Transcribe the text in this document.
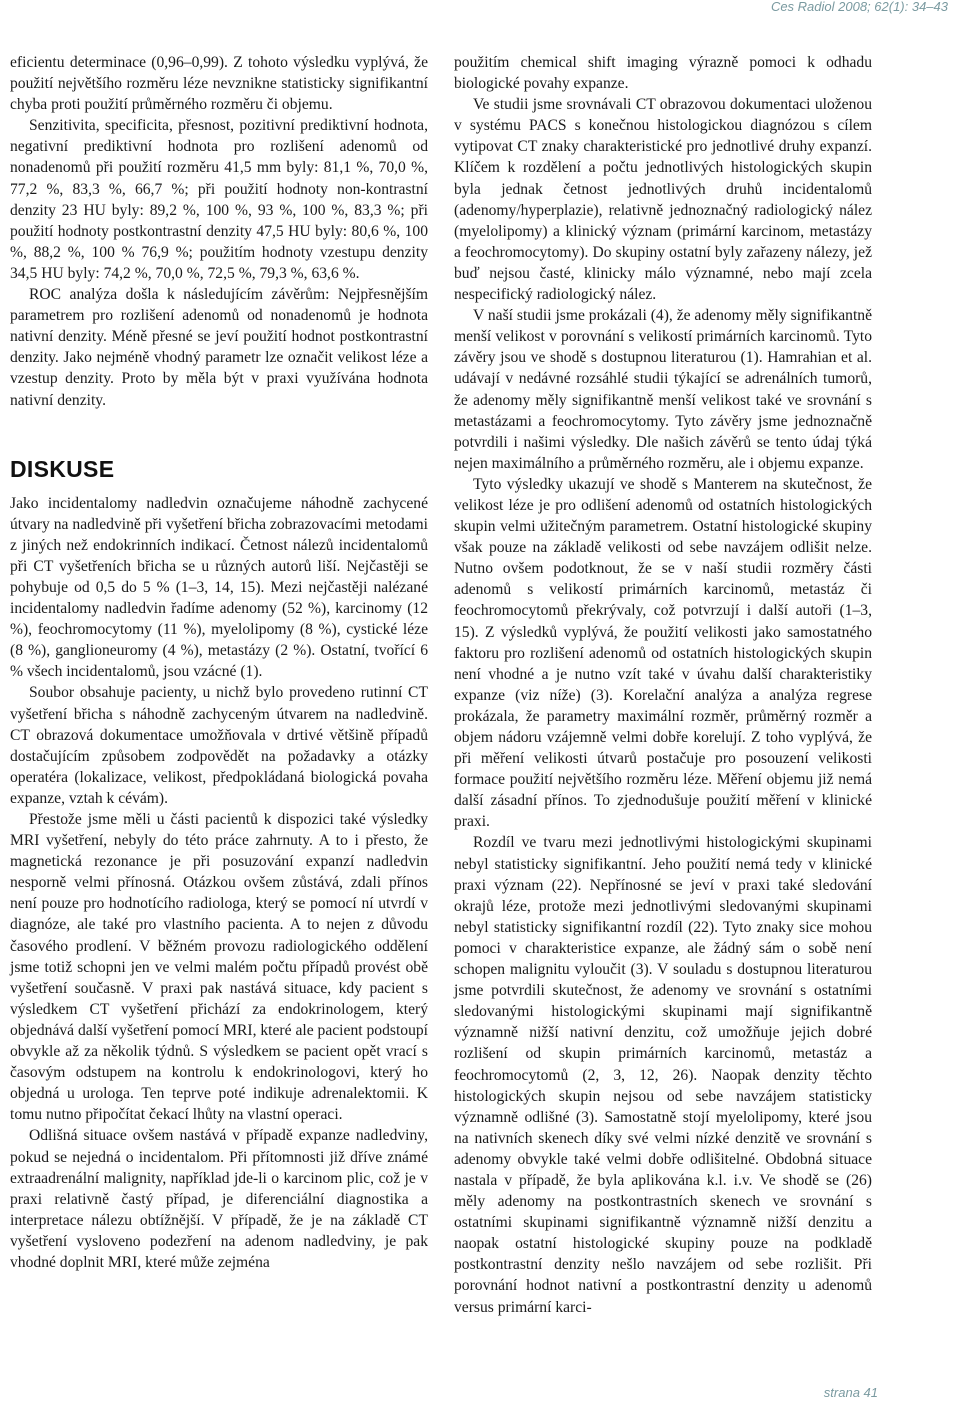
Ces Radiol 2008; 62(1): 34–43

eficientu determinace (0,96–0,99). Z tohoto výsledku vyplývá, že použití největšího rozměru léze nevznikne statisticky signifikantní chyba proti použití průměrného rozměru či objemu.

Senzitivita, specificita, přesnost, pozitivní prediktivní hodnota, negativní prediktivní hodnota pro rozlišení adenomů od nonadenomů při použití rozměru 41,5 mm byly: 81,1 %, 70,0 %, 77,2 %, 83,3 %, 66,7 %; při použití hodnoty non-kontrastní denzity 23 HU byly: 89,2 %, 100 %, 93 %, 100 %, 83,3 %; při použití hodnoty postkontrastní denzity 47,5 HU byly: 80,6 %, 100 %, 88,2 %, 100 % 76,9 %; použitím hodnoty vzestupu denzity 34,5 HU byly: 74,2 %, 70,0 %, 72,5 %, 79,3 %, 63,6 %.

ROC analýza došla k následujícím závěrům: Nejpřesnějším parametrem pro rozlišení adenomů od nonadenomů je hodnota nativní denzity. Méně přesné se jeví použití hodnot postkontrastní denzity. Jako nejméně vhodný parametr lze označit velikost léze a vzestup denzity. Proto by měla být v praxi využívána hodnota nativní denzity.

DISKUSE

Jako incidentalomy nadledvin označujeme náhodně zachycené útvary na nadledvině při vyšetření břicha zobrazovacími metodami z jiných než endokrinních indikací. Četnost nálezů incidentalomů při CT vyšetřeních břicha se u různých autorů liší. Nejčastěji se pohybuje od 0,5 do 5 % (1–3, 14, 15). Mezi nejčastěji nalézané incidentalomy nadledvin řadíme adenomy (52 %), karcinomy (12 %), feochromocytomy (11 %), myelolipomy (8 %), cystické léze (8 %), ganglioneuromy (4 %), metastázy (2 %). Ostatní, tvořící 6 % všech incidentalomů, jsou vzácné (1).

Soubor obsahuje pacienty, u nichž bylo provedeno rutinní CT vyšetření břicha s náhodně zachyceným útvarem na nadledvině. CT obrazová dokumentace umožňovala v drtivé většině případů dostačujícím způsobem zodpovědět na požadavky a otázky operatéra (lokalizace, velikost, předpokládaná biologická povaha expanze, vztah k cévám).

Přestože jsme měli u části pacientů k dispozici také výsledky MRI vyšetření, nebyly do této práce zahrnuty. A to i přesto, že magnetická rezonance je při posuzování expanzí nadledvin nesporně velmi přínosná. Otázkou ovšem zůstává, zdali přínos není pouze pro hodnotícího radiologa, který se pomocí ní utvrdí v diagnóze, ale také pro vlastního pacienta. A to nejen z důvodu časového prodlení. V běžném provozu radiologického oddělení jsme totiž schopni jen ve velmi malém počtu případů provést obě vyšetření současně. V praxi pak nastává situace, kdy pacient s výsledkem CT vyšetření přichází za endokrinologem, který objednává další vyšetření pomocí MRI, které ale pacient podstoupí obvykle až za několik týdnů. S výsledkem se pacient opět vrací s časovým odstupem na kontrolu k endokrinologovi, který ho objedná u urologa. Ten teprve poté indikuje adrenalektomii. K tomu nutno připočítat čekací lhůty na vlastní operaci.

Odlišná situace ovšem nastává v případě expanze nadledviny, pokud se nejedná o incidentalom. Při přítomnosti již dříve známé extraadrenální malignity, například jde-li o karcinom plic, což je v praxi relativně častý případ, je diferenciální diagnostika a interpretace nálezu obtížnější. V případě, že je na základě CT vyšetření vysloveno podezření na adenom nadledviny, je pak vhodné doplnit MRI, které může zejména

použitím chemical shift imaging výrazně pomoci k odhadu biologické povahy expanze.

Ve studii jsme srovnávali CT obrazovou dokumentaci uloženou v systému PACS s konečnou histologickou diagnózou s cílem vytipovat CT znaky charakteristické pro jednotlivé druhy expanzí. Klíčem k rozdělení a počtu jednotlivých histologických skupin byla jednak četnost jednotlivých druhů incidentalomů (adenomy/hyperplazie), relativně jednoznačný radiologický nález (myelolipomy) a klinický význam (primární karcinom, metastázy a feochromocytomy). Do skupiny ostatní byly zařazeny nálezy, jež buď nejsou časté, klinicky málo významné, nebo mají zcela nespecifický radiologický nález.

V naší studii jsme prokázali (4), že adenomy měly signifikantně menší velikost v porovnání s velikostí primárních karcinomů. Tyto závěry jsou ve shodě s dostupnou literaturou (1). Hamrahian et al. udávají v nedávné rozsáhlé studii týkající se adrenálních tumorů, že adenomy měly signifikantně menší velikost také ve srovnání s metastázami a feochromocytomy. Tyto závěry jsme jednoznačně potvrdili i našimi výsledky. Dle našich závěrů se tento údaj týká nejen maximálního a průměrného rozměru, ale i objemu expanze.

Tyto výsledky ukazují ve shodě s Manterem na skutečnost, že velikost léze je pro odlišení adenomů od ostatních histologických skupin velmi užitečným parametrem. Ostatní histologické skupiny však pouze na základě velikosti od sebe navzájem odlišit nelze. Nutno ovšem podotknout, že se v naší studii rozměry části adenomů s velikostí primárních karcinomů, metastáz či feochromocytomů překrývaly, což potvrzují i další autoři (1–3, 15). Z výsledků vyplývá, že použití velikosti jako samostatného faktoru pro rozlišení adenomů od ostatních histologických skupin není vhodné a je nutno vzít také v úvahu další charakteristiky expanze (viz níže) (3). Korelační analýza a analýza regrese prokázala, že parametry maximální rozměr, průměrný rozměr a objem nádoru vzájemně velmi dobře korelují. Z toho vyplývá, že při měření velikosti útvarů postačuje pro posouzení velikosti formace použití největšího rozměru léze. Měření objemu již nemá další zásadní přínos. To zjednodušuje použití měření v klinické praxi.

Rozdíl ve tvaru mezi jednotlivými histologickými skupinami nebyl statisticky signifikantní. Jeho použití nemá tedy v klinické praxi význam (22). Nepřínosné se jeví v praxi také sledování okrajů léze, protože mezi jednotlivými sledovanými skupinami nebyl statisticky signifikantní rozdíl (22). Tyto znaky sice mohou pomoci v charakteristice expanze, ale žádný sám o sobě není schopen malignitu vyloučit (3). V souladu s dostupnou literaturou jsme potvrdili skutečnost, že adenomy ve srovnání s ostatními sledovanými histologickými skupinami mají signifikantně významně nižší nativní denzitu, což umožňuje jejich dobré rozlišení od skupin primárních karcinomů, metastáz a feochromocytomů (2, 3, 12, 26). Naopak denzity těchto histologických skupin nejsou od sebe navzájem statisticky významně odlišné (3). Samostatně stojí myelolipomy, které jsou na nativních skenech díky své velmi nízké denzitě ve srovnání s adenomy obvykle také velmi dobře odlišitelné. Obdobná situace nastala v případě, že byla aplikována k.l. i.v. Ve shodě se (26) měly adenomy na postkontrastních skenech ve srovnání s ostatními skupinami signifikantně významně nižší denzitu a naopak ostatní histologické skupiny pouze na podkladě postkontrastní denzity nešlo navzájem od sebe rozlišit. Při porovnání hodnot nativní a postkontrastní denzity u adenomů versus primární karci-

strana 41
